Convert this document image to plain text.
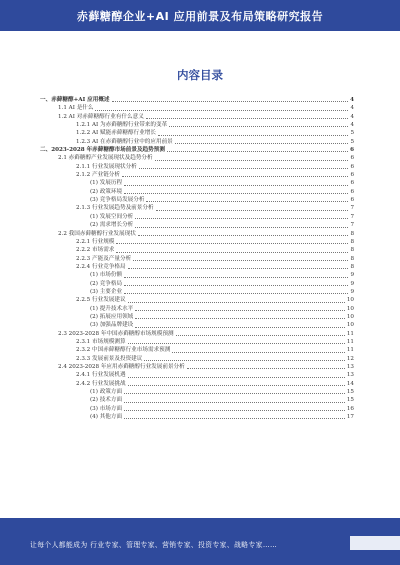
赤藓糖醇企业+AI 应用前景及布局策略研究报告
内容目录
一、赤藓糖醇+AI 应用概述	4
1.1 AI 是什么	4
1.2 AI 对赤藓糖醇行业有什么意义	4
1.2.1 AI 为赤藓糖醇行业带来的变革	4
1.2.2 AI 赋能赤藓糖醇行业增长	5
1.2.3 AI 在赤藓糖醇行业中的应用前景	5
二、2023-2028 年赤藓糖醇市场前景及趋势预测	6
2.1 赤藓糖醇产业发展现状及趋势分析	6
2.1.1 行业发展现状分析	6
2.1.2 产业链分析	6
(1) 发展历程	6
(2) 政策环境	6
(3) 竞争格局发展分析	6
2.1.3 行业发展趋势及前景分析	7
(1) 发展空间分析	7
(2) 需求增长分析	7
2.2 我国赤藓糖醇行业发展现状	8
2.2.1 行业规模	8
2.2.2 市场需求	8
2.2.3 产能及产量分析	8
2.2.4 行业竞争格局	8
(1) 市场份额	9
(2) 竞争格局	9
(3) 主要企业	9
2.2.5 行业发展建议	10
(1) 提升技术水平	10
(2) 拓展应用领域	10
(3) 加强品牌建设	10
2.3 2023-2028 年中国赤藓糖醇市场规模预测	11
2.3.1 市场规模测算	11
2.3.2 中国赤藓糖醇行业市场需求预测	11
2.3.3 发展前景及投资建议	12
2.4 2023-2028 年应用赤藓糖醇行业发展前景分析	13
2.4.1 行业发展机遇	13
2.4.2 行业发展挑战	14
(1) 政策方面	15
(2) 技术方面	15
(3) 市场方面	16
(4) 其他方面	17
让每个人都能成为 行业专家、管理专家、营销专家、投资专家、战略专家……
